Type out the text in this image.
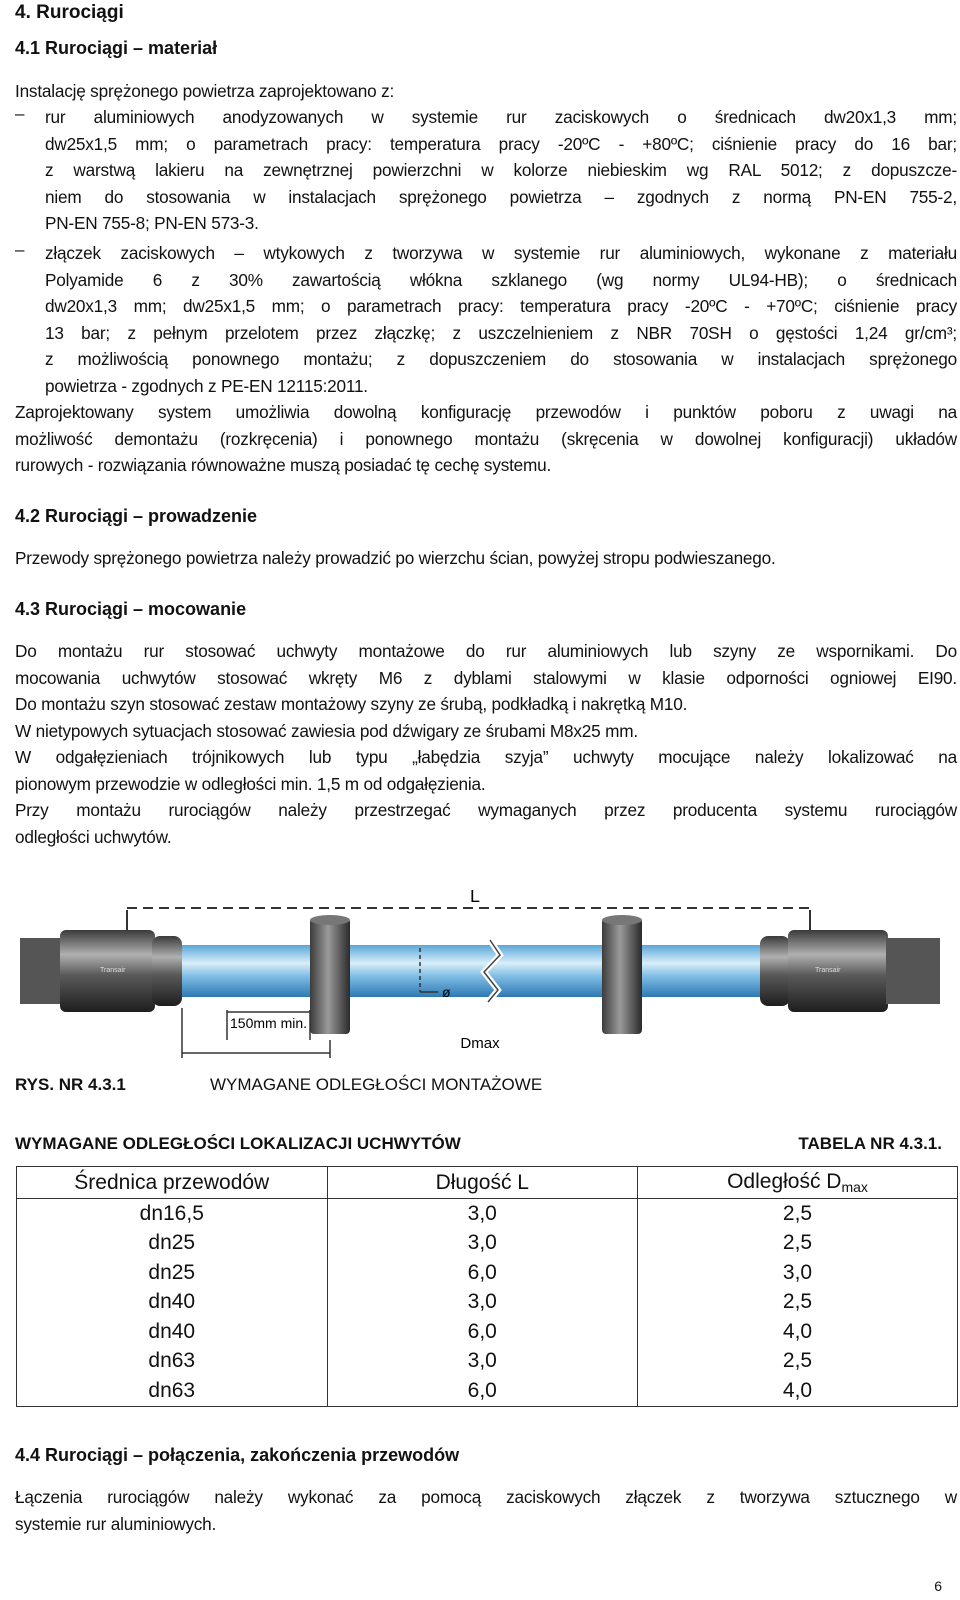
4. Rurociągi
4.1 Rurociągi – materiał
Instalację sprężonego powietrza zaprojektowano z:
– rur aluminiowych anodyzowanych w systemie rur zaciskowych o średnicach dw20x1,3 mm;
dw25x1,5 mm; o parametrach pracy: temperatura pracy -20ºC - +80ºC; ciśnienie pracy do 16 bar;
z warstwą lakieru na zewnętrznej powierzchni w kolorze niebieskim wg RAL 5012; z dopuszcze-
niem do stosowania w instalacjach sprężonego powietrza – zgodnych z normą PN-EN 755-2,
PN-EN 755-8; PN-EN 573-3.
– złączek zaciskowych – wtykowych z tworzywa w systemie rur aluminiowych, wykonane z materiału
Polyamide 6 z 30% zawartością włókna szklanego (wg normy UL94-HB); o średnicach
dw20x1,3 mm; dw25x1,5 mm; o parametrach pracy: temperatura pracy -20ºC - +70ºC; ciśnienie pracy
13 bar; z pełnym przelotem przez złączkę; z uszczelnieniem z NBR 70SH o gęstości 1,24 gr/cm³;
z możliwością ponownego montażu; z dopuszczeniem do stosowania w instalacjach sprężonego
powietrza - zgodnych z PE-EN 12115:2011.
Zaprojektowany system umożliwia dowolną konfigurację przewodów i punktów poboru z uwagi na
możliwość demontażu (rozkręcenia) i ponownego montażu (skręcenia w dowolnej konfiguracji) układów
rurowych - rozwiązania równoważne muszą posiadać tę cechę systemu.
4.2 Rurociągi – prowadzenie
Przewody sprężonego powietrza należy prowadzić po wierzchu ścian, powyżej stropu podwieszanego.
4.3 Rurociągi – mocowanie
Do montażu rur stosować uchwyty montażowe do rur aluminiowych lub szyny ze wspornikami. Do
mocowania uchwytów stosować wkręty M6 z dyblami stalowymi w klasie odporności ogniowej EI90.
Do montażu szyn stosować zestaw montażowy szyny ze śrubą, podkładką i nakrętką M10.
W nietypowych sytuacjach stosować zawiesia pod dźwigary ze śrubami M8x25 mm.
W odgałęzieniach trójnikowych lub typu „łabędzia szyja” uchwyty mocujące należy lokalizować na
pionowym przewodzie w odległości min. 1,5 m od odgałęzienia.
Przy montażu rurociągów należy przestrzegać wymaganych przez producenta systemu rurociągów
odległości uchwytów.
L
Transair	Transair
ø
150mm min.
Dmax
RYS. NR 4.3.1	WYMAGANE ODLEGŁOŚCI MONTAŻOWE
WYMAGANE ODLEGŁOŚCI LOKALIZACJI UCHWYTÓW	TABELA NR 4.3.1.
Średnica przewodów	Długość L	Odległość $D_{max}$
dn16,5	3,0	2,5
dn25	3,0	2,5
dn25	6,0	3,0
dn40	3,0	2,5
dn40	6,0	4,0
dn63	3,0	2,5
dn63	6,0	4,0
4.4 Rurociągi – połączenia, zakończenia przewodów
Łączenia rurociągów należy wykonać za pomocą zaciskowych złączek z tworzywa sztucznego w
systemie rur aluminiowych.
6
